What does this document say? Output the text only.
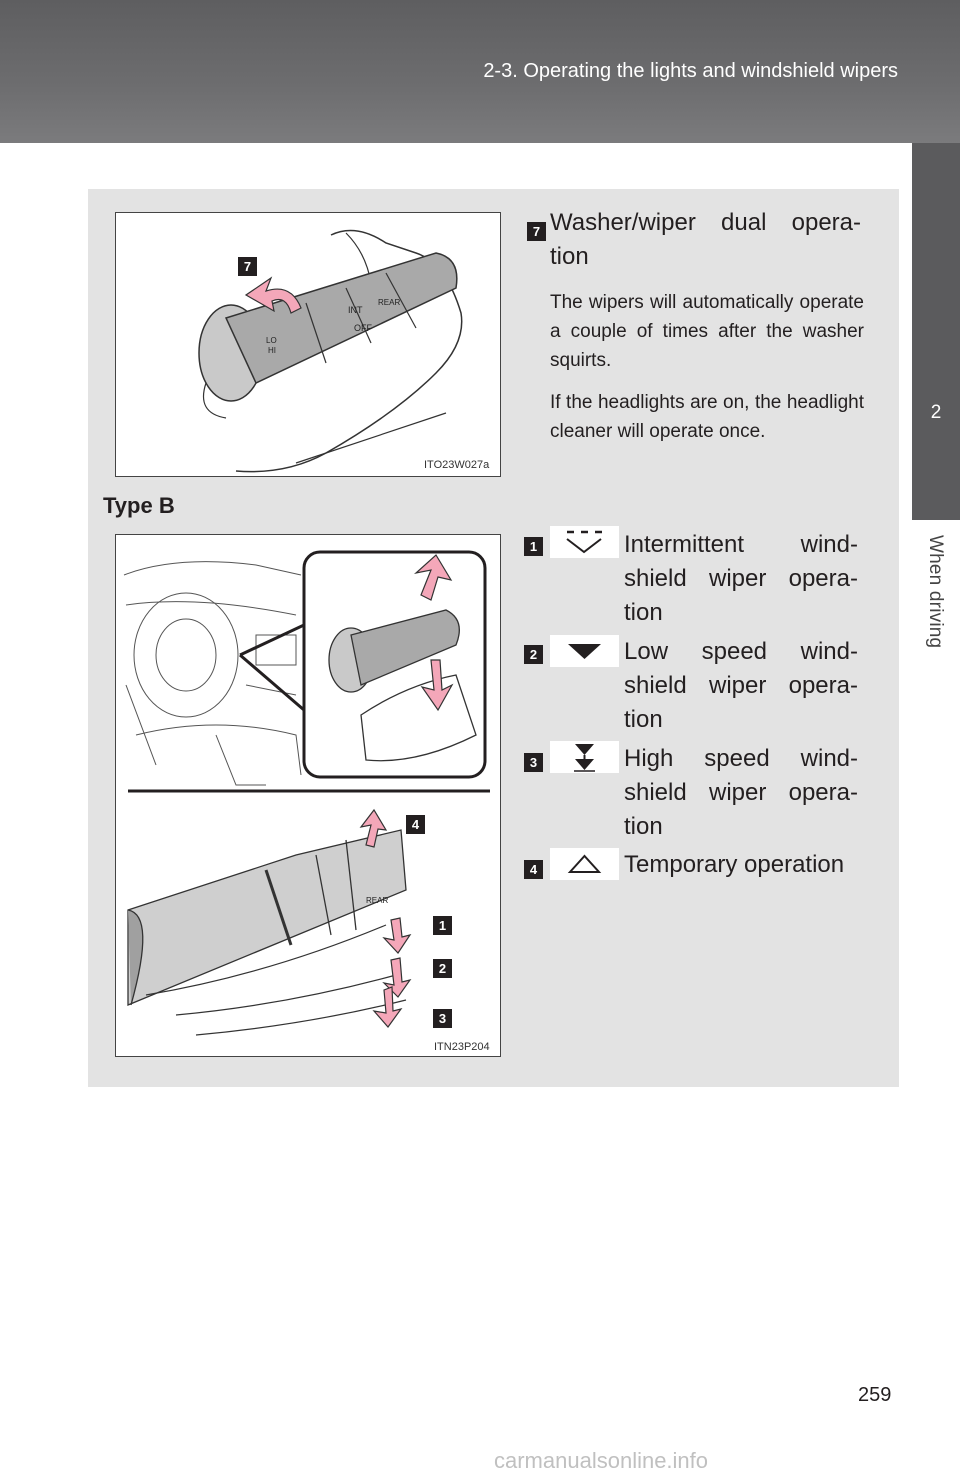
2-3. Operating the lights and windshield wipers
2
When driving
OFF
INT
LO
HI
REAR
7
ITO23W027a
7 Washer/wiper dual opera-tion
The wipers will automatically operate a couple of times after the washer squirts.
If the headlights are on, the headlight cleaner will operate once.
Type B
REAR
4
1
2
3
ITN23P204
1	Intermittent wind-shield wiper opera-tion
2	Low speed wind-shield wiper opera-tion
3	High speed wind-shield wiper opera-tion
4	Temporary operation
259
carmanualsonline.info
